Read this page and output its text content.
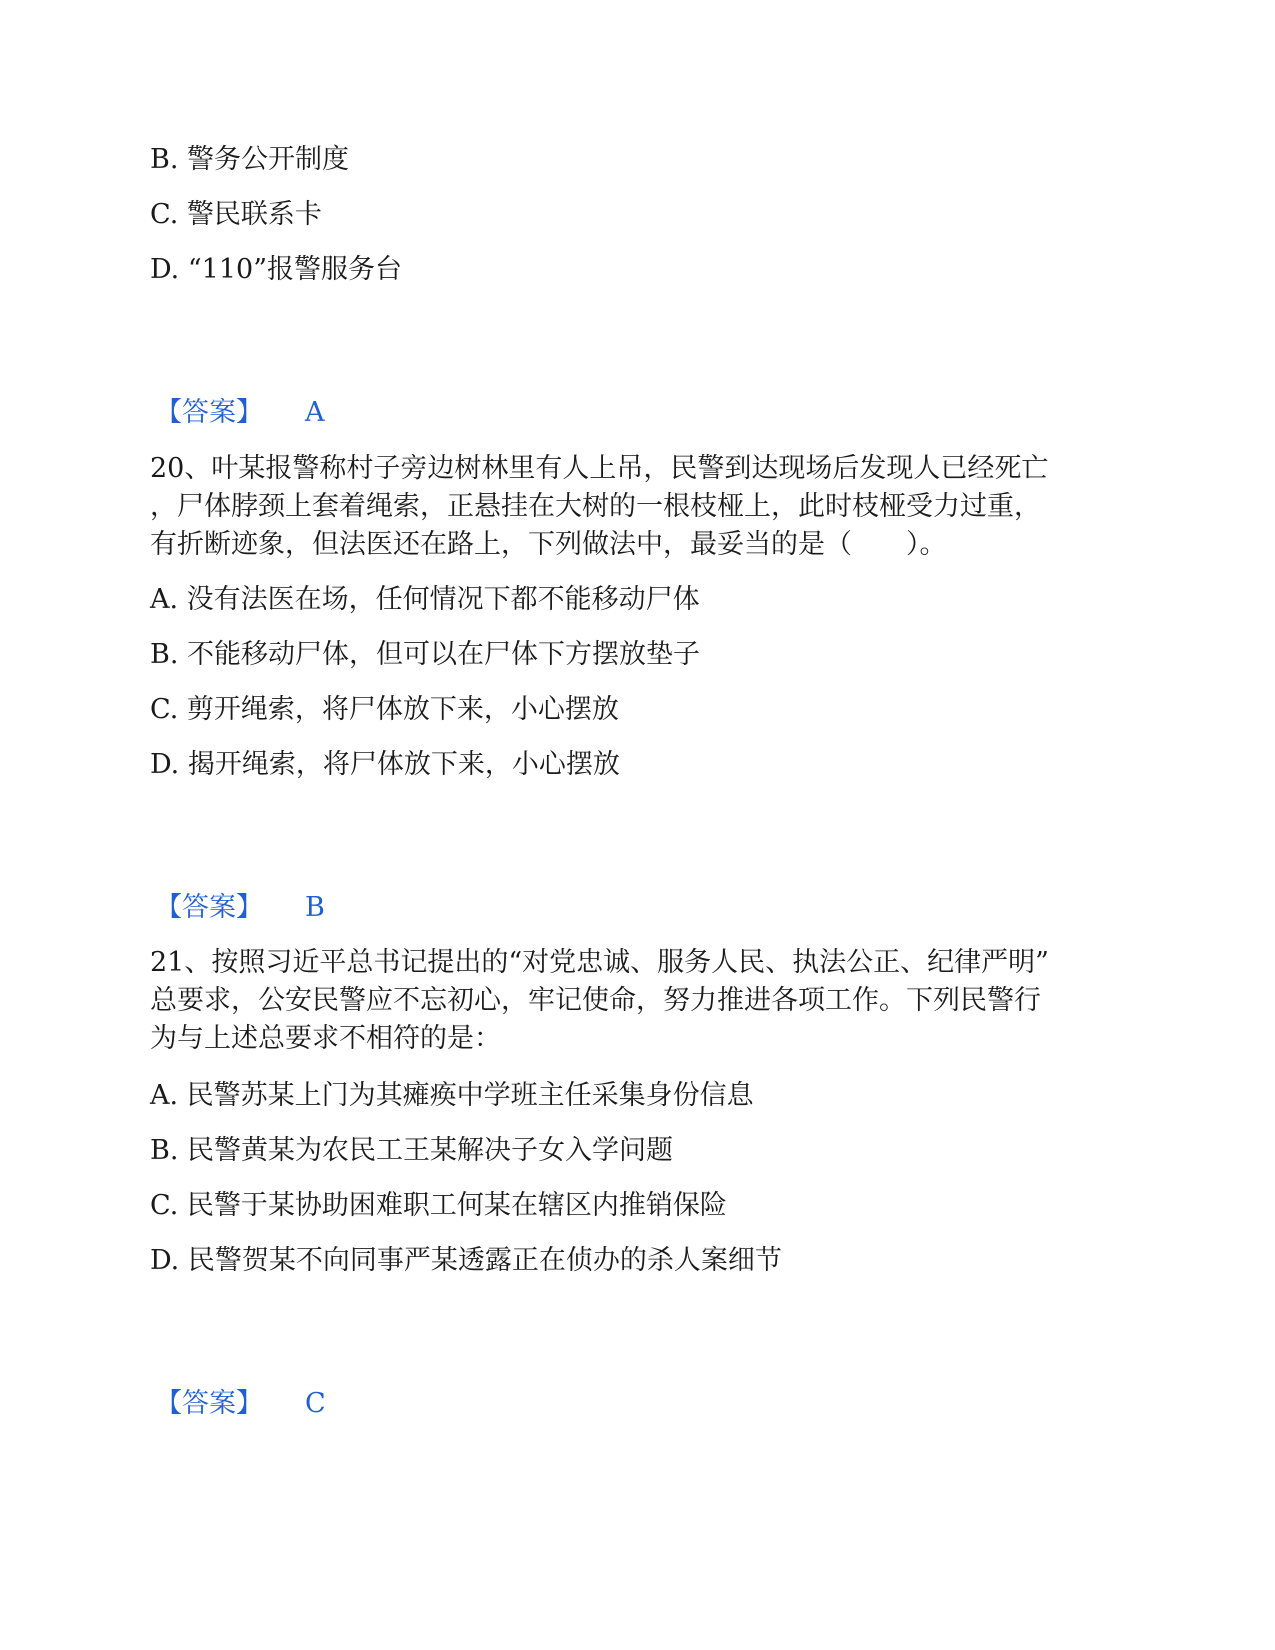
B. 警务公开制度
C. 警民联系卡
D. “110”报警服务台
【答案】 A
20、叶某报警称村子旁边树林里有人上吊，民警到达现场后发现人已经死亡
，尸体脖颈上套着绳索，正悬挂在大树的一根枝桠上，此时枝桠受力过重，
有折断迹象，但法医还在路上，下列做法中，最妥当的是（　　）。
A. 没有法医在场，任何情况下都不能移动尸体
B. 不能移动尸体，但可以在尸体下方摆放垫子
C. 剪开绳索，将尸体放下来，小心摆放
D. 揭开绳索，将尸体放下来，小心摆放
【答案】 B
21、按照习近平总书记提出的“对党忠诚、服务人民、执法公正、纪律严明”
总要求，公安民警应不忘初心，牢记使命，努力推进各项工作。下列民警行
为与上述总要求不相符的是：
A. 民警苏某上门为其瘫痪中学班主任采集身份信息
B. 民警黄某为农民工王某解决子女入学问题
C. 民警于某协助困难职工何某在辖区内推销保险
D. 民警贺某不向同事严某透露正在侦办的杀人案细节
【答案】 C
